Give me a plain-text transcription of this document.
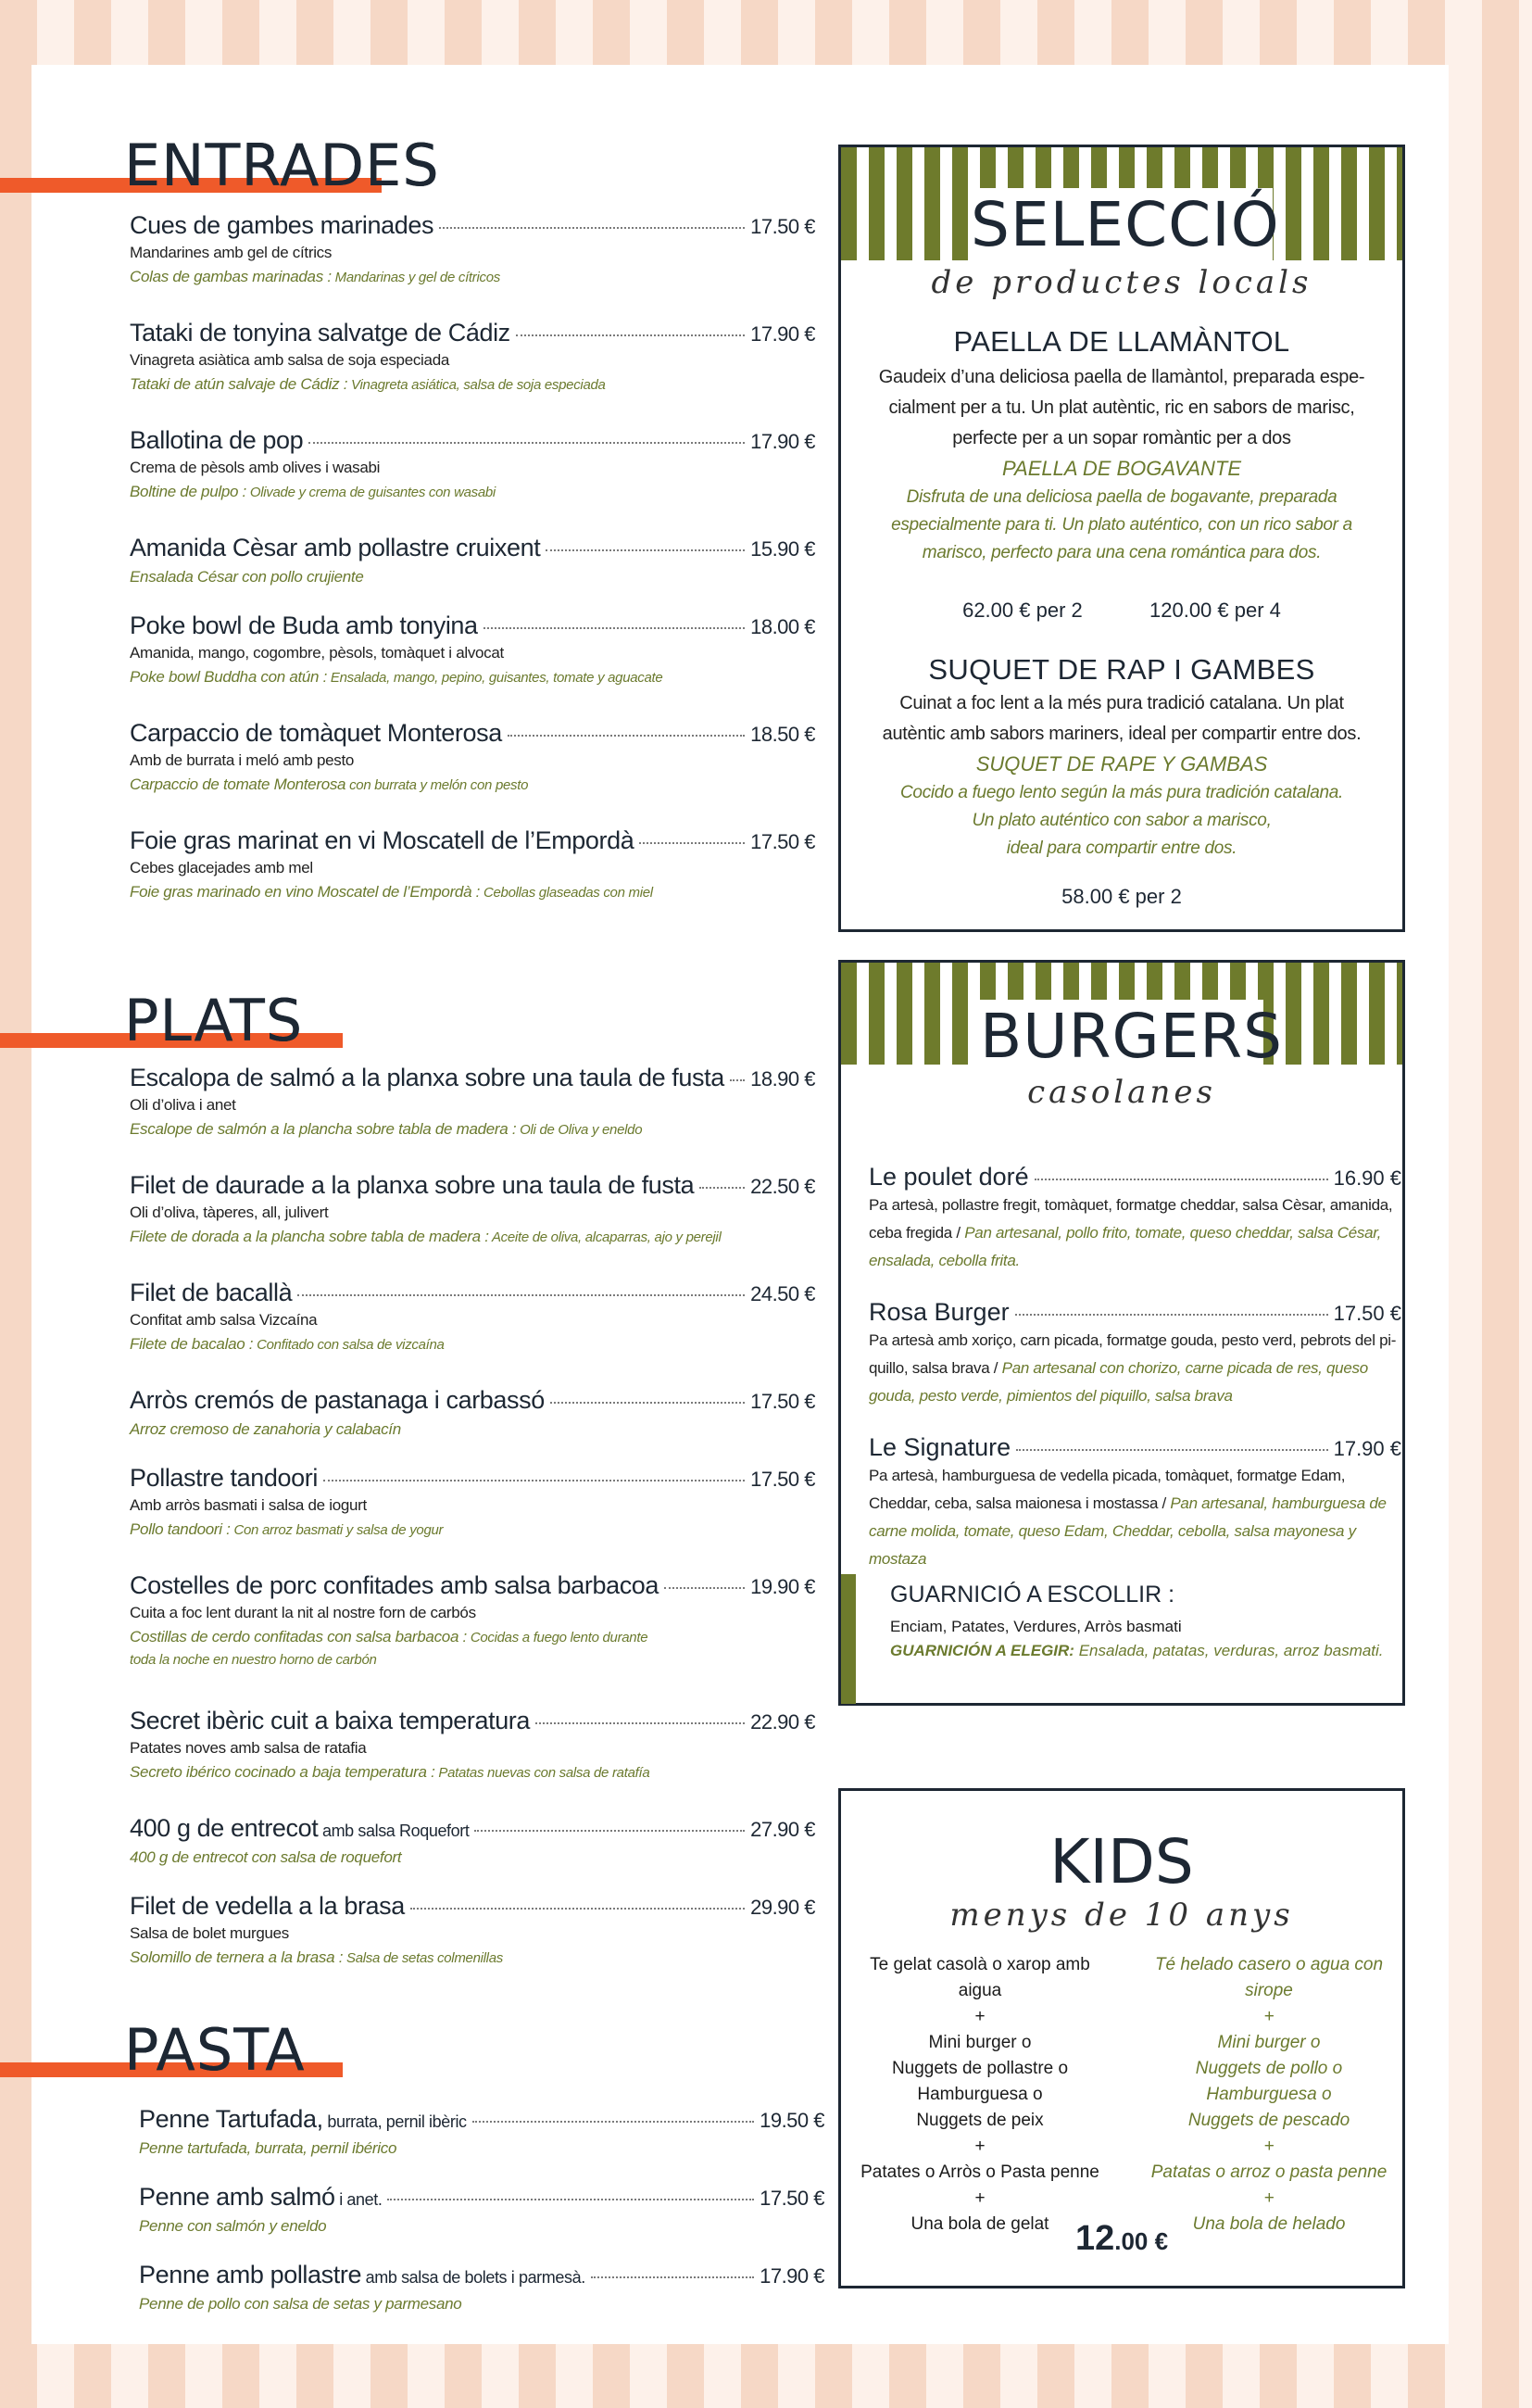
ENTRADES
Cues de gambes marinades	17.50 €
Mandarines amb gel de cítrics
Colas de gambas marinadas : Mandarinas y gel de cítricos
Tataki de tonyina salvatge de Cádiz	17.90 €
Vinagreta asiàtica amb salsa de soja especiada
Tataki de atún salvaje de Cádiz : Vinagreta asiática, salsa de soja especiada
Ballotina de pop	17.90 €
Crema de pèsols amb olives i wasabi
Boltine de pulpo : Olivade y crema de guisantes con wasabi
Amanida Cèsar amb pollastre cruixent	15.90 €
Ensalada César con pollo crujiente
Poke bowl de Buda amb tonyina	18.00 €
Amanida, mango, cogombre, pèsols, tomàquet i alvocat
Poke bowl Buddha con atún : Ensalada, mango, pepino, guisantes, tomate y aguacate
Carpaccio de tomàquet Monterosa	18.50 €
Amb de burrata i meló amb pesto
Carpaccio de tomate Monterosa con burrata y melón con pesto
Foie gras marinat en vi Moscatell de l’Empordà	17.50 €
Cebes glacejades amb mel
Foie gras marinado en vino Moscatel de l’Empordà : Cebollas glaseadas con miel
PLATS
Escalopa de salmó a la planxa sobre una taula de fusta 18.90 €
Oli d’oliva i anet
Escalope de salmón a la plancha sobre tabla de madera : Oli de Oliva y eneldo
Filet de daurade a la planxa sobre una taula de fusta	22.50 €
Oli d’oliva, tàperes, all, julivert
Filete de dorada a la plancha sobre tabla de madera : Aceite de oliva, alcaparras, ajo y perejil
Filet de bacallà	24.50 €
Confitat amb salsa Vizcaína
Filete de bacalao : Confitado con salsa de vizcaína
Arròs cremós de pastanaga i carbassó	17.50 €
Arroz cremoso de zanahoria y calabacín
Pollastre tandoori	17.50 €
Amb arròs basmati i salsa de iogurt
Pollo tandoori : Con arroz basmati y salsa de yogur
Costelles de porc confitades amb salsa barbacoa	19.90 €
Cuita a foc lent durant la nit al nostre forn de carbós
Costillas de cerdo confitadas con salsa barbacoa : Cocidas a fuego lento durante
toda la noche en nuestro horno de carbón
Secret ibèric cuit a baixa temperatura	22.90 €
Patates noves amb salsa de ratafia
Secreto ibérico cocinado a baja temperatura : Patatas nuevas con salsa de ratafía
400 g de entrecot amb salsa Roquefort	27.90 €
400 g de entrecot con salsa de roquefort
Filet de vedella a la brasa	29.90 €
Salsa de bolet murgues
Solomillo de ternera a la brasa : Salsa de setas colmenillas
PASTA
Penne Tartufada, burrata, pernil ibèric	19.50 €
Penne tartufada, burrata, pernil ibérico
Penne amb salmó i anet.	17.50 €
Penne con salmón y eneldo
Penne amb pollastre amb salsa de bolets i parmesà.	17.90 €
Penne de pollo con salsa de setas y parmesano
SELECCIÓ
de productes locals
PAELLA DE LLAMÀNTOL
Gaudeix d’una deliciosa paella de llamàntol, preparada espe-
cialment per a tu. Un plat autèntic, ric en sabors de marisc,
perfecte per a un sopar romàntic per a dos
PAELLA DE BOGAVANTE
Disfruta de una deliciosa paella de bogavante, preparada
especialmente para ti. Un plato auténtico, con un rico sabor a
marisco, perfecto para una cena romántica para dos.
62.00 € per 2	120.00 € per 4
SUQUET DE RAP I GAMBES
Cuinat a foc lent a la més pura tradició catalana. Un plat
autèntic amb sabors mariners, ideal per compartir entre dos.
SUQUET DE RAPE Y GAMBAS
Cocido a fuego lento según la más pura tradición catalana.
Un plato auténtico con sabor a marisco,
ideal para compartir entre dos.
58.00 € per 2
BURGERS
casolanes
Le poulet doré	16.90 €
Pa artesà, pollastre fregit, tomàquet, formatge cheddar, salsa Cèsar, amanida, ceba fregida / Pan artesanal, pollo frito, tomate, queso cheddar, salsa César, ensalada, cebolla frita.
Rosa Burger	17.50 €
Pa artesà amb xoriço, carn picada, formatge gouda, pesto verd, pebrots del pi-quillo, salsa brava / Pan artesanal con chorizo, carne picada de res, queso gouda, pesto verde, pimientos del piquillo, salsa brava
Le Signature	17.90 €
Pa artesà, hamburguesa de vedella picada, tomàquet, formatge Edam, Cheddar, ceba, salsa maionesa i mostassa / Pan artesanal, hamburguesa de carne molida, tomate, queso Edam, Cheddar, cebolla, salsa mayonesa y mostaza
GUARNICIÓ A ESCOLLIR :
Enciam, Patates, Verdures, Arròs basmati
GUARNICIÓN A ELEGIR: Ensalada, patatas, verduras, arroz basmati.
KIDS
menys de 10 anys
Te gelat casolà o xarop amb aigua
+
Mini burger o
Nuggets de pollastre o
Hamburguesa o
Nuggets de peix
+
Patates o Arròs o Pasta penne
+
Una bola de gelat
Té helado casero o agua con sirope
+
Mini burger o
Nuggets de pollo o
Hamburguesa o
Nuggets de pescado
+
Patatas o arroz o pasta penne
+
Una bola de helado
12.00 €
